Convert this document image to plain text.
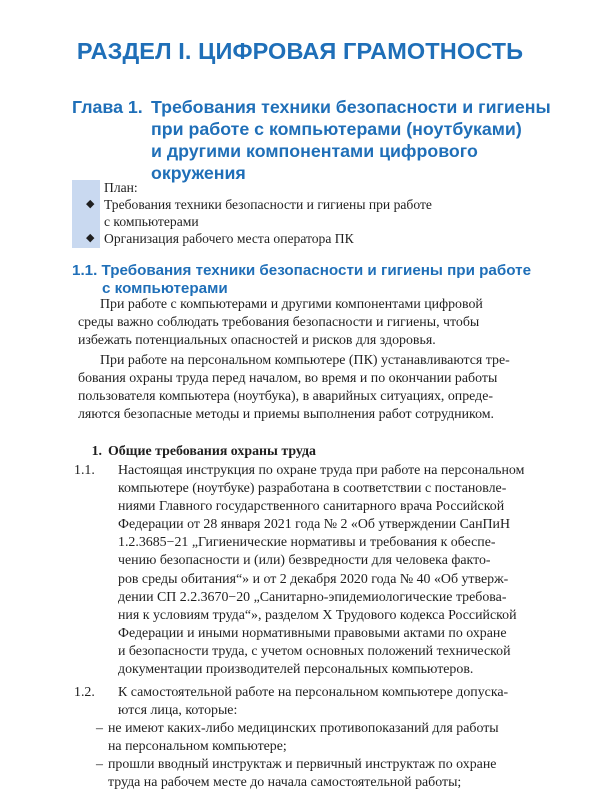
РАЗДЕЛ I. ЦИФРОВАЯ ГРАМОТНОСТЬ
Глава 1. Требования техники безопасности и гигиены
при работе с компьютерами (ноутбуками)
и другими компонентами цифрового
окружения
План:
◆ Требования техники безопасности и гигиены при работе
с компьютерами
◆ Организация рабочего места оператора ПК
1.1. Требования техники безопасности и гигиены при работе
с компьютерами
При работе с компьютерами и другими компонентами цифровой
среды важно соблюдать требования безопасности и гигиены, чтобы
избежать потенциальных опасностей и рисков для здоровья.
При работе на персональном компьютере (ПК) устанавливаются тре-
бования охраны труда перед началом, во время и по окончании работы
пользователя компьютера (ноутбука), в аварийных ситуациях, опреде-
ляются безопасные методы и приемы выполнения работ сотрудником.
1. Общие требования охраны труда
1.1. Настоящая инструкция по охране труда при работе на персональном
компьютере (ноутбуке) разработана в соответствии с постановле-
ниями Главного государственного санитарного врача Российской
Федерации от 28 января 2021 года № 2 «Об утверждении СанПиН
1.2.3685−21 „Гигиенические нормативы и требования к обеспе-
чению безопасности и (или) безвредности для человека факто-
ров среды обитания“» и от 2 декабря 2020 года № 40 «Об утверж-
дении СП 2.2.3670−20 „Санитарно-эпидемиологические требова-
ния к условиям труда“», разделом X Трудового кодекса Российской
Федерации и иными нормативными правовыми актами по охране
и безопасности труда, с учетом основных положений технической
документации производителей персональных компьютеров.
1.2. К самостоятельной работе на персональном компьютере допуска-
ются лица, которые:
– не имеют каких-либо медицинских противопоказаний для работы
на персональном компьютере;
– прошли вводный инструктаж и первичный инструктаж по охране
труда на рабочем месте до начала самостоятельной работы;
